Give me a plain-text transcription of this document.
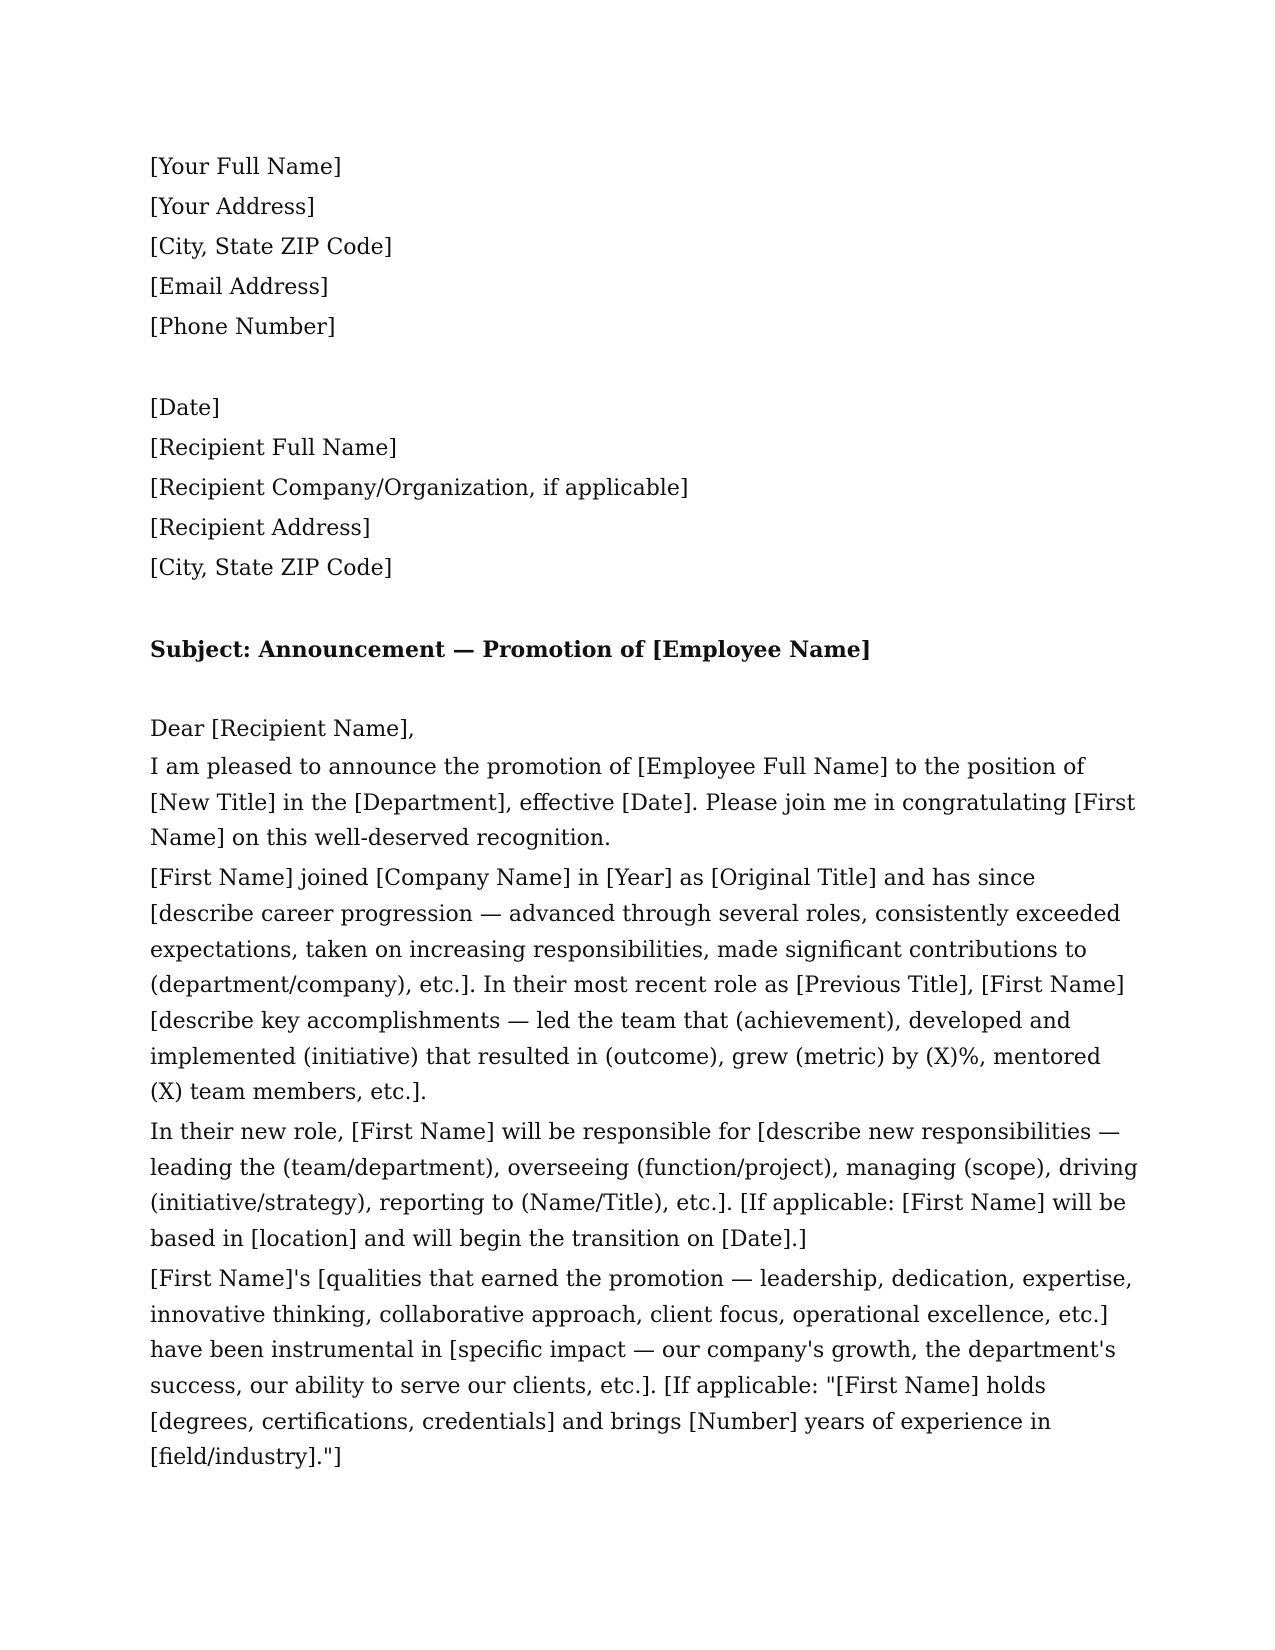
[Your Full Name]
[Your Address]
[City, State ZIP Code]
[Email Address]
[Phone Number]
[Date]
[Recipient Full Name]
[Recipient Company/Organization, if applicable]
[Recipient Address]
[City, State ZIP Code]
Subject: Announcement — Promotion of [Employee Name]
Dear [Recipient Name],

I am pleased to announce the promotion of [Employee Full Name] to the position of [New Title] in the [Department], effective [Date]. Please join me in congratulating [First Name] on this well-deserved recognition.

[First Name] joined [Company Name] in [Year] as [Original Title] and has since [describe career progression — advanced through several roles, consistently exceeded expectations, taken on increasing responsibilities, made significant contributions to (department/company), etc.]. In their most recent role as [Previous Title], [First Name] [describe key accomplishments — led the team that (achievement), developed and implemented (initiative) that resulted in (outcome), grew (metric) by (X)%, mentored (X) team members, etc.].

In their new role, [First Name] will be responsible for [describe new responsibilities — leading the (team/department), overseeing (function/project), managing (scope), driving (initiative/strategy), reporting to (Name/Title), etc.]. [If applicable: [First Name] will be based in [location] and will begin the transition on [Date].]

[First Name]'s [qualities that earned the promotion — leadership, dedication, expertise, innovative thinking, collaborative approach, client focus, operational excellence, etc.] have been instrumental in [specific impact — our company's growth, the department's success, our ability to serve our clients, etc.]. [If applicable: "[First Name] holds [degrees, certifications, credentials] and brings [Number] years of experience in [field/industry]."]
